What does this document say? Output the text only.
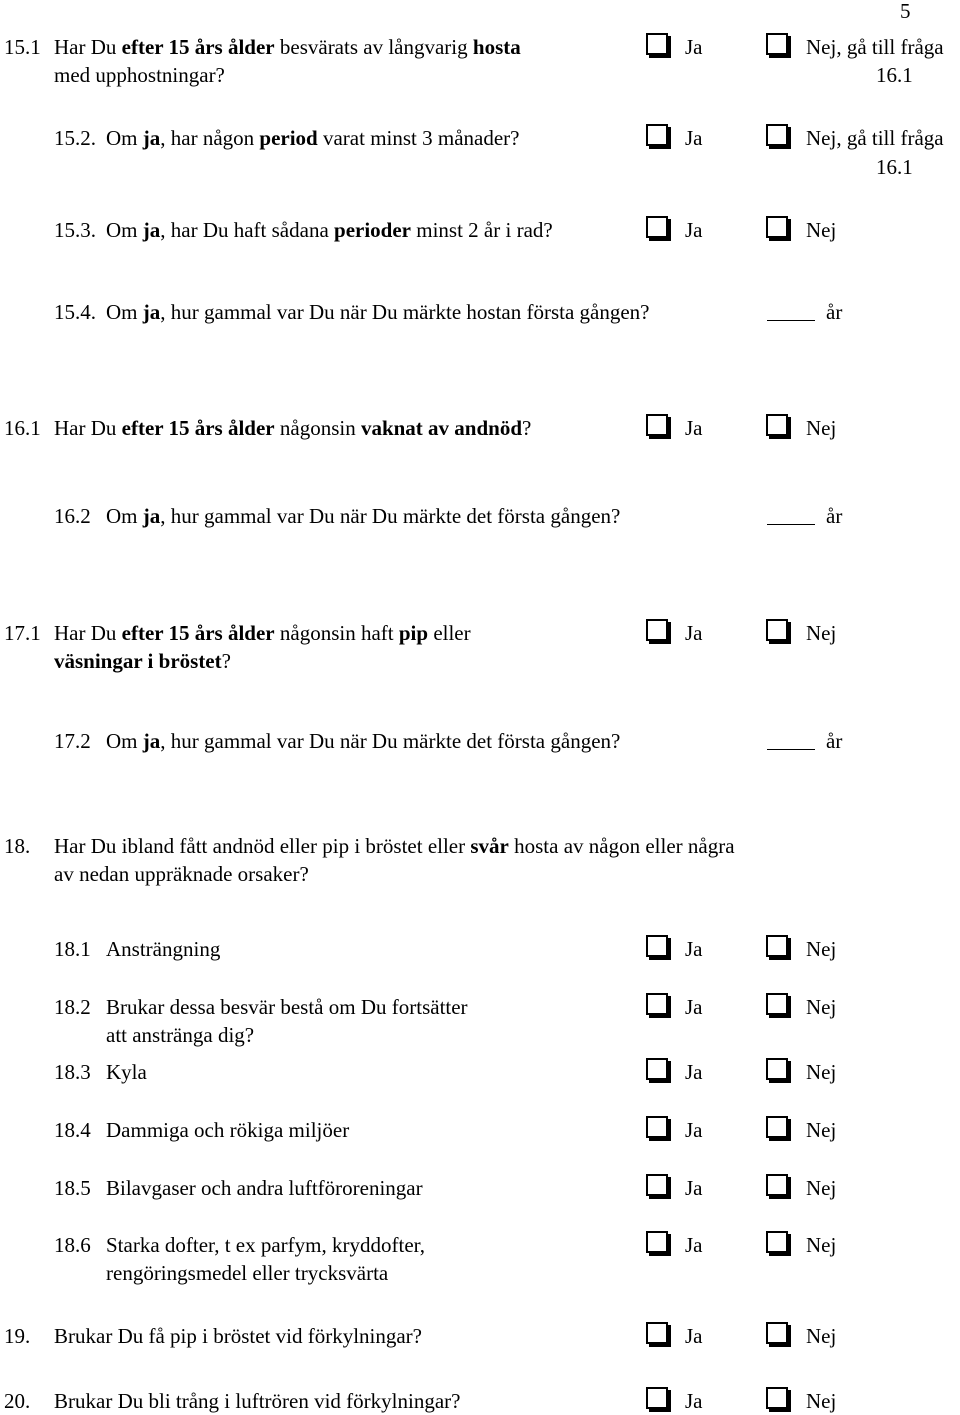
5
15.1 Har Du efter 15 års ålder besvärats av långvarig hosta
med upphostningar?
Ja	Nej, gå till fråga
16.1
15.2. Om ja, har någon period varat minst 3 månader?	Ja	Nej, gå till fråga
16.1
15.3. Om ja, har Du haft sådana perioder minst 2 år i rad?	Ja	Nej
15.4. Om ja, hur gammal var Du när Du märkte hostan första gången?	år
16.1 Har Du efter 15 års ålder någonsin vaknat av andnöd?	Ja	Nej
16.2 Om ja, hur gammal var Du när Du märkte det första gången?	år
17.1 Har Du efter 15 års ålder någonsin haft pip eller
väsningar i bröstet?
Ja	Nej
17.2 Om ja, hur gammal var Du när Du märkte det första gången?	år
18. Har Du ibland fått andnöd eller pip i bröstet eller svår hosta av någon eller några
av nedan uppräknade orsaker?
18.1 Ansträngning	Ja	Nej
18.2 Brukar dessa besvär bestå om Du fortsätter
att anstränga dig?
Ja	Nej
18.3 Kyla	Ja	Nej
18.4 Dammiga och rökiga miljöer	Ja	Nej
18.5 Bilavgaser och andra luftföroreningar	Ja	Nej
18.6 Starka dofter, t ex parfym, kryddofter,
rengöringsmedel eller trycksvärta
Ja	Nej
19. Brukar Du få pip i bröstet vid förkylningar?	Ja	Nej
20. Brukar Du bli trång i luftrören vid förkylningar?	Ja	Nej
